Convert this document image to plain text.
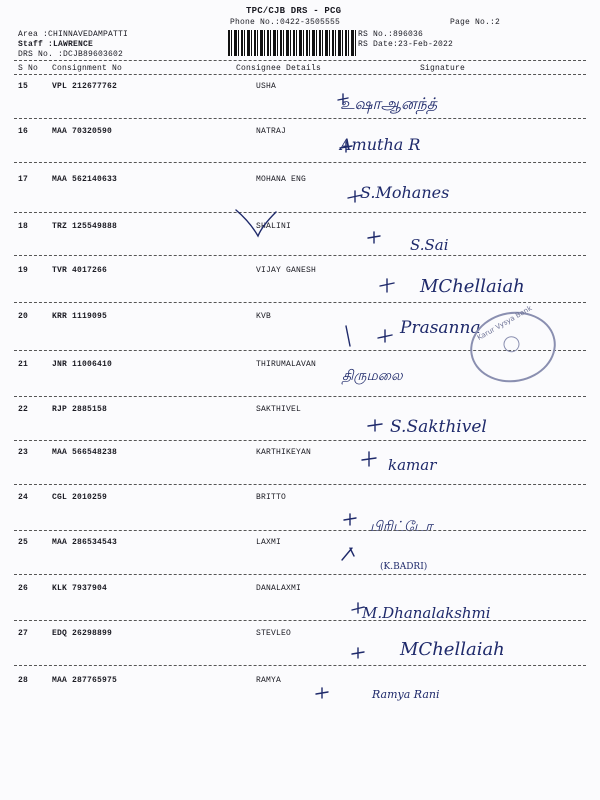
TPC/CJB DRS - PCG
Phone No.:0422-3505555	Page No.:2
Area :CHINNAVEDAMPATTI
Staff :LAWRENCE
DRS No. :DCJB89603602
RS No.:896036
RS Date:23-Feb-2022
S No Consignment No	Consignee Details	Signature
15	VPL 212677762	USHA
உஷாஆனந்த்
16	MAA 70320590	NATRAJ
Amutha R
17	MAA 562140633	MOHANA ENG
S.Mohanes
18	TRZ 125549888	SHALINI
S.Sai
19	TVR 4017266	VIJAY GANESH
MChellaiah
20	KRR 1119095	KVB
Prasanna
21	JNR 11006410	THIRUMALAVAN
திருமலை
22	RJP 2885158	SAKTHIVEL
S.Sakthivel
23	MAA 566548238	KARTHIKEYAN
kamar
24	CGL 2010259	BRITTO
பிரிட்டோ
25	MAA 286534543	LAXMI
(K.BADRI)
26	KLK 7937904	DANALAXMI
M.Dhanalakshmi
27	EDQ 26298899	STEVLEO
MChellaiah
28	MAA 287765975	RAMYA
Ramya Rani
Karur Vysya Bank
